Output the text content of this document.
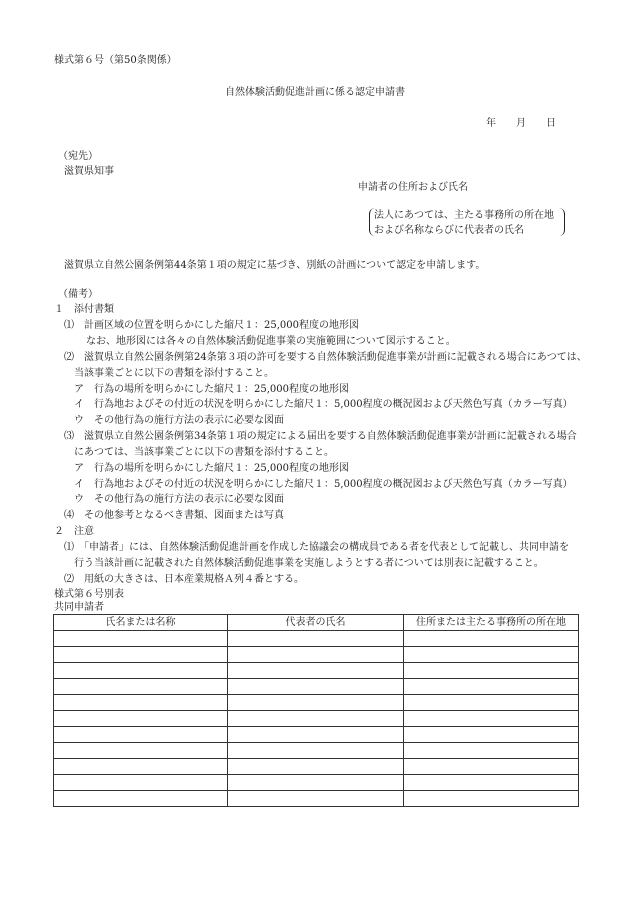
様式第６号（第50条関係）
自然体験活動促進計画に係る認定申請書
年　　月　　日
（宛先）
滋賀県知事
申請者の住所および氏名
法人にあつては、主たる事務所の所在地
および名称ならびに代表者の氏名
滋賀県立自然公園条例第44条第１項の規定に基づき、別紙の計画について認定を申請します。
（備考）
１　添付書類
⑴　計画区域の位置を明らかにした縮尺１：25,000程度の地形図
なお、地形図には各々の自然体験活動促進事業の実施範囲について図示すること。
⑵　滋賀県立自然公園条例第24条第３項の許可を要する自然体験活動促進事業が計画に記載される場合にあつては、
当該事業ごとに以下の書類を添付すること。
ア　行為の場所を明らかにした縮尺１：25,000程度の地形図
イ　行為地およびその付近の状況を明らかにした縮尺１：5,000程度の概況図および天然色写真（カラー写真）
ウ　その他行為の施行方法の表示に必要な図面
⑶　滋賀県立自然公園条例第34条第１項の規定による届出を要する自然体験活動促進事業が計画に記載される場合
にあつては、当該事業ごとに以下の書類を添付すること。
ア　行為の場所を明らかにした縮尺１：25,000程度の地形図
イ　行為地およびその付近の状況を明らかにした縮尺１：5,000程度の概況図および天然色写真（カラー写真）
ウ　その他行為の施行方法の表示に必要な図面
⑷　その他参考となるべき書類、図面または写真
２　注意
⑴　「申請者」には、自然体験活動促進計画を作成した協議会の構成員である者を代表として記載し、共同申請を
行う当該計画に記載された自然体験活動促進事業を実施しようとする者については別表に記載すること。
⑵　用紙の大きさは、日本産業規格Ａ列４番とする。
様式第６号別表
共同申請者
氏名または名称	代表者の氏名	住所または主たる事務所の所在地
